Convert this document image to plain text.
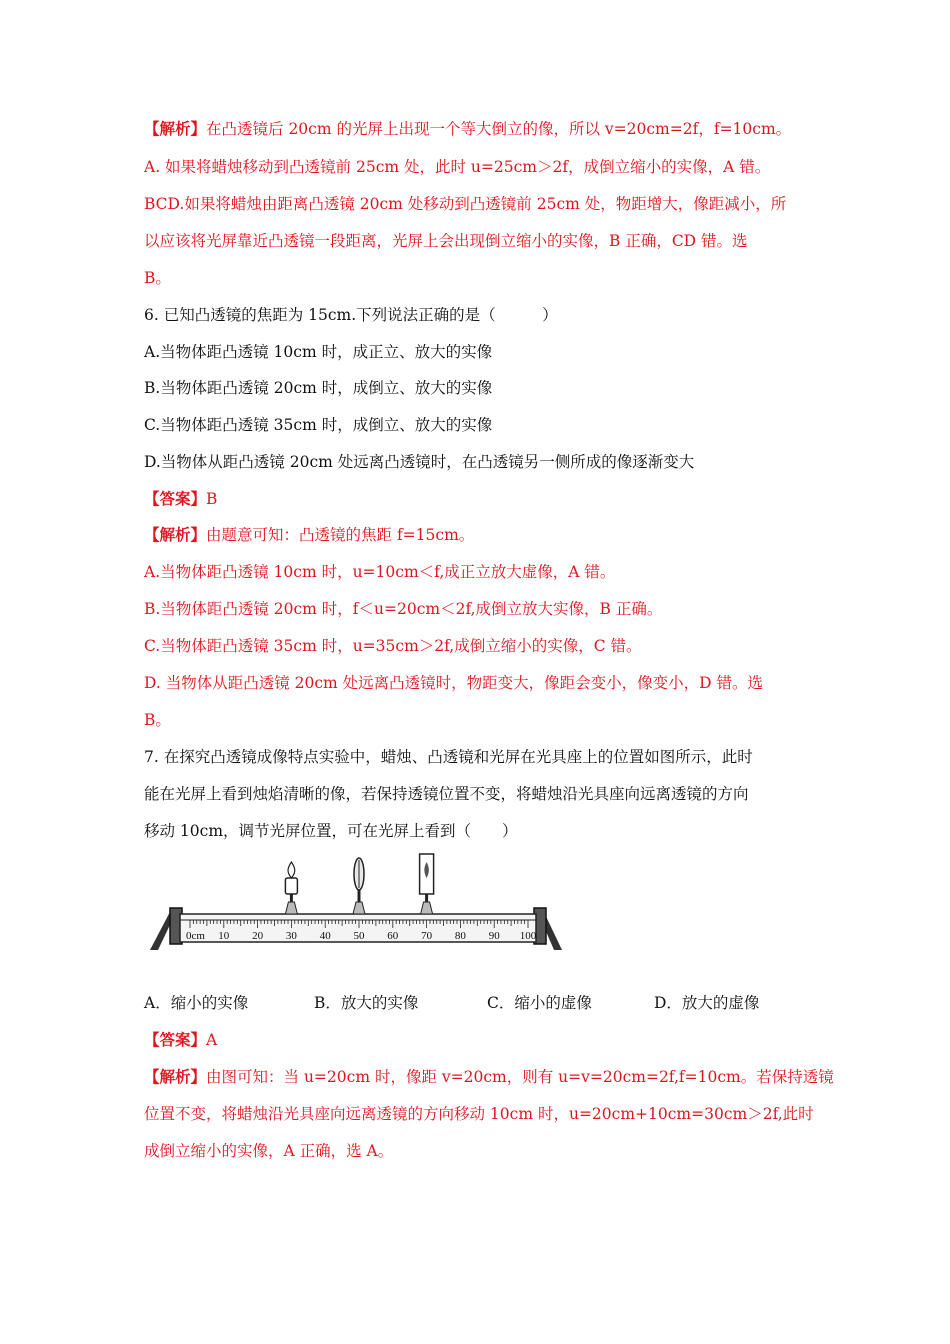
【解析】在凸透镜后 20cm 的光屏上出现一个等大倒立的像，所以 v=20cm=2f，f=10cm。
A. 如果将蜡烛移动到凸透镜前 25cm 处，此时 u=25cm＞2f，成倒立缩小的实像，A 错。
BCD.如果将蜡烛由距离凸透镜 20cm 处移动到凸透镜前 25cm 处，物距增大，像距减小，所
以应该将光屏靠近凸透镜一段距离，光屏上会出现倒立缩小的实像，B 正确，CD 错。选
B。
6. 已知凸透镜的焦距为 15cm.下列说法正确的是（　　　）
A.当物体距凸透镜 10cm 时，成正立、放大的实像
B.当物体距凸透镜 20cm 时，成倒立、放大的实像
C.当物体距凸透镜 35cm 时，成倒立、放大的实像
D.当物体从距凸透镜 20cm 处远离凸透镜时，在凸透镜另一侧所成的像逐渐变大
【答案】B
【解析】由题意可知：凸透镜的焦距 f=15cm。
A.当物体距凸透镜 10cm 时，u=10cm＜f,成正立放大虚像，A 错。
B.当物体距凸透镜 20cm 时，f＜u=20cm＜2f,成倒立放大实像，B 正确。
C.当物体距凸透镜 35cm 时，u=35cm＞2f,成倒立缩小的实像，C 错。
D. 当物体从距凸透镜 20cm 处远离凸透镜时，物距变大，像距会变小，像变小，D 错。选
B。
7. 在探究凸透镜成像特点实验中，蜡烛、凸透镜和光屏在光具座上的位置如图所示，此时
能在光屏上看到烛焰清晰的像，若保持透镜位置不变，将蜡烛沿光具座向远离透镜的方向
移动 10cm，调节光屏位置，可在光屏上看到（　　）
10 20 30 40 50 60 70 80 90 100
0cm
A．缩小的实像	B．放大的实像	C．缩小的虚像	D．放大的虚像
【答案】A
【解析】由图可知：当 u=20cm 时，像距 v=20cm，则有 u=v=20cm=2f,f=10cm。若保持透镜
位置不变，将蜡烛沿光具座向远离透镜的方向移动 10cm 时，u=20cm+10cm=30cm＞2f,此时
成倒立缩小的实像，A 正确，选 A。
